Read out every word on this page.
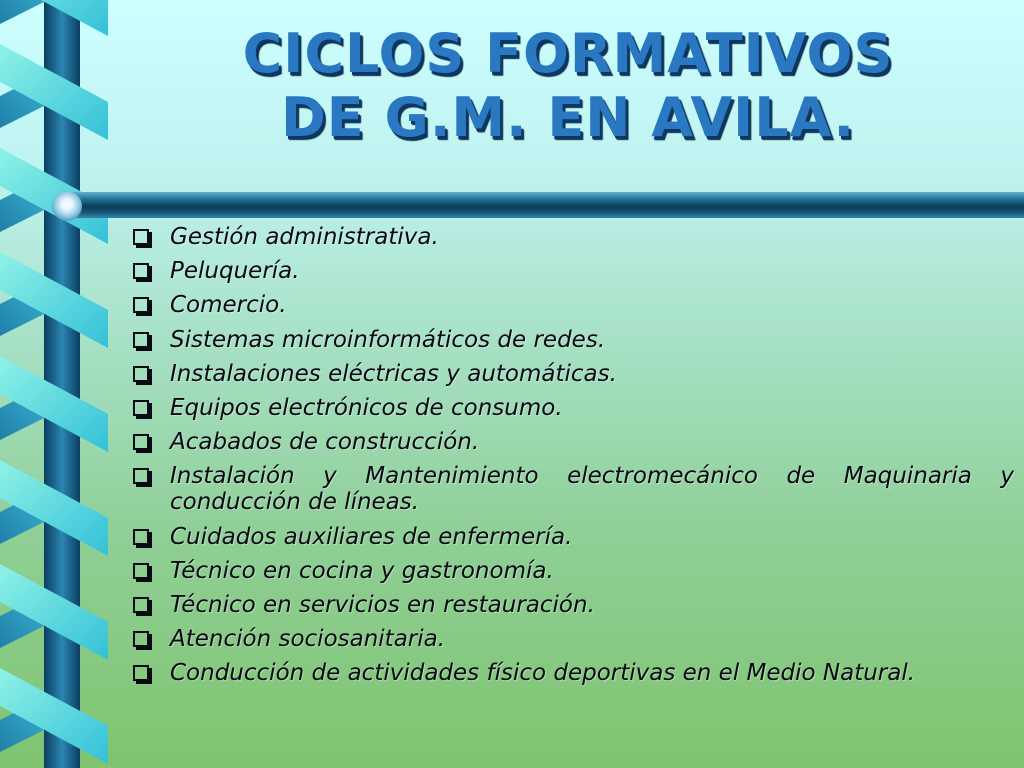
CICLOS FORMATIVOS
DE G.M. EN AVILA.
Gestión administrativa.
Peluquería.
Comercio.
Sistemas microinformáticos de redes.
Instalaciones eléctricas y automáticas.
Equipos electrónicos de consumo.
Acabados de construcción.
Instalación y Mantenimiento electromecánico de Maquinaria y conducción de líneas.
Cuidados auxiliares de enfermería.
Técnico en cocina y gastronomía.
Técnico en servicios en restauración.
Atención sociosanitaria.
Conducción de actividades físico deportivas en el Medio Natural.
